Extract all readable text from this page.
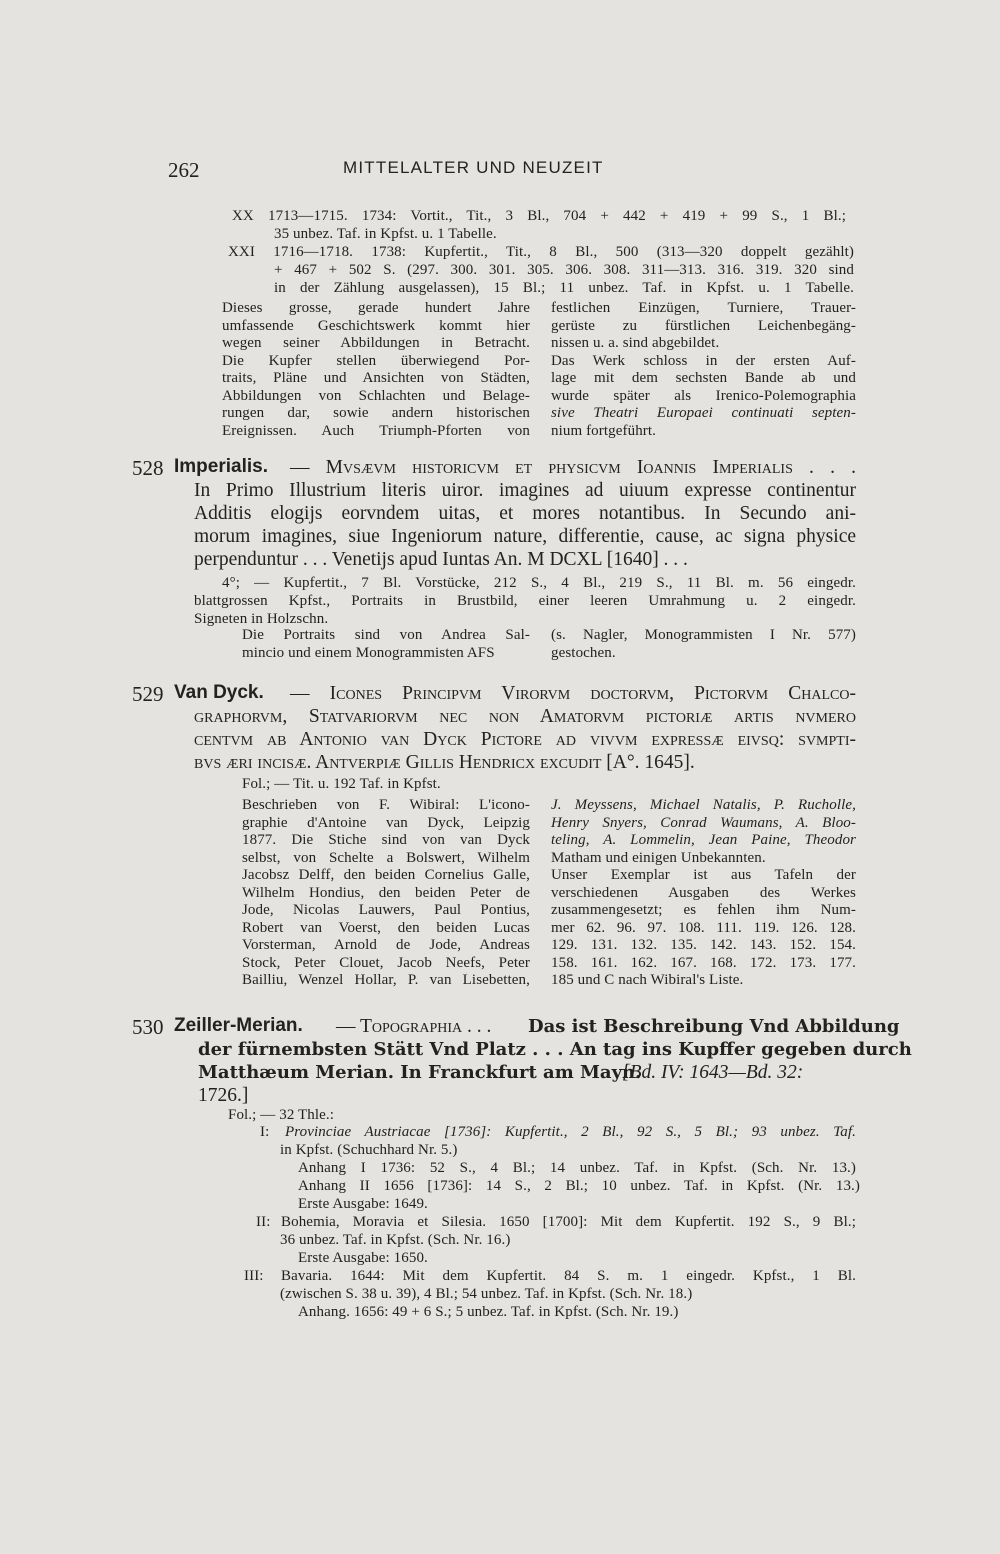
262	MITTELALTER UND NEUZEIT
XX 1713—1715. 1734: Vortit., Tit., 3 Bl., 704 + 442 + 419 + 99 S., 1 Bl.;
35 unbez. Taf. in Kpfst. u. 1 Tabelle.
XXI 1716—1718. 1738: Kupfertit., Tit., 8 Bl., 500 (313—320 doppelt gezählt)
+ 467 + 502 S. (297. 300. 301. 305. 306. 308. 311—313. 316. 319. 320 sind
in der Zählung ausgelassen), 15 Bl.; 11 unbez. Taf. in Kpfst. u. 1 Tabelle.
Dieses grosse, gerade hundert Jahre
umfassende Geschichtswerk kommt hier
wegen seiner Abbildungen in Betracht.
Die Kupfer stellen überwiegend Por-
traits, Pläne und Ansichten von Städten,
Abbildungen von Schlachten und Belage-
rungen dar, sowie andern historischen
Ereignissen. Auch Triumph-Pforten von
festlichen Einzügen, Turniere, Trauer-
gerüste zu fürstlichen Leichenbegäng-
nissen u. a. sind abgebildet.
Das Werk schloss in der ersten Auf-
lage mit dem sechsten Bande ab und
wurde später als Irenico-Polemographia
sive Theatri Europaei continuati septen-
nium fortgeführt.
528 Imperialis. — Mvsævm historicvm et physicvm Ioannis Imperialis . . .
In Primo Illustrium literis uiror. imagines ad uiuum expresse continentur
Additis elogijs eorvndem uitas, et mores notantibus. In Secundo ani-
morum imagines, siue Ingeniorum nature, differentie, cause, ac signa physice
perpenduntur . . . Venetijs apud Iuntas An. M DCXL [1640] . . .
4°; — Kupfertit., 7 Bl. Vorstücke, 212 S., 4 Bl., 219 S., 11 Bl. m. 56 eingedr.
blattgrossen Kpfst., Portraits in Brustbild, einer leeren Umrahmung u. 2 eingedr.
Signeten in Holzschn.
Die Portraits sind von Andrea Sal-
mincio und einem Monogrammisten AFS
(s. Nagler, Monogrammisten I Nr. 577)
gestochen.
529 Van Dyck. — Icones Principvm Virorvm doctorvm, Pictorvm Chalco-
graphorvm, Statvariorvm nec non Amatorvm pictoriæ artis nvmero
centvm ab Antonio van Dyck Pictore ad vivvm expressæ eivsq: svmpti-
bvs æri incisæ. Antverpiæ Gillis Hendricx excudit [A°. 1645].
Fol.; — Tit. u. 192 Taf. in Kpfst.
Beschrieben von F. Wibiral: L'icono-
graphie d'Antoine van Dyck, Leipzig
1877. Die Stiche sind von van Dyck
selbst, von Schelte a Bolswert, Wilhelm
Jacobsz Delff, den beiden Cornelius Galle,
Wilhelm Hondius, den beiden Peter de
Jode, Nicolas Lauwers, Paul Pontius,
Robert van Voerst, den beiden Lucas
Vorsterman, Arnold de Jode, Andreas
Stock, Peter Clouet, Jacob Neefs, Peter
Bailliu, Wenzel Hollar, P. van Lisebetten,
J. Meyssens, Michael Natalis, P. Rucholle,
Henry Snyers, Conrad Waumans, A. Bloo-
teling, A. Lommelin, Jean Paine, Theodor
Matham und einigen Unbekannten.
Unser Exemplar ist aus Tafeln der
verschiedenen Ausgaben des Werkes
zusammengesetzt; es fehlen ihm Num-
mer 62. 96. 97. 108. 111. 119. 126. 128.
129. 131. 132. 135. 142. 143. 152. 154.
158. 161. 162. 167. 168. 172. 173. 177.
185 und C nach Wibiral's Liste.
530 Zeiller-Merian. — Topographia . . . Das ist Beschreibung Vnd Abbildung
der fürnembsten Stätt Vnd Platz . . . An tag ins Kupffer gegeben durch
Matthæum Merian. In Franckfurt am Mayn.
[Bd. IV: 1643—Bd. 32:
1726.]
Fol.; — 32 Thle.:
I: Provinciae Austriacae [1736]: Kupfertit., 2 Bl., 92 S., 5 Bl.; 93 unbez. Taf.
in Kpfst. (Schuchhard Nr. 5.)
Anhang I 1736: 52 S., 4 Bl.; 14 unbez. Taf. in Kpfst. (Sch. Nr. 13.)
Anhang II 1656 [1736]: 14 S., 2 Bl.; 10 unbez. Taf. in Kpfst. (Nr. 13.)
Erste Ausgabe: 1649.
II: Bohemia, Moravia et Silesia. 1650 [1700]: Mit dem Kupfertit. 192 S., 9 Bl.;
36 unbez. Taf. in Kpfst. (Sch. Nr. 16.)
Erste Ausgabe: 1650.
III: Bavaria. 1644: Mit dem Kupfertit. 84 S. m. 1 eingedr. Kpfst., 1 Bl.
(zwischen S. 38 u. 39), 4 Bl.; 54 unbez. Taf. in Kpfst. (Sch. Nr. 18.)
Anhang. 1656: 49 + 6 S.; 5 unbez. Taf. in Kpfst. (Sch. Nr. 19.)
